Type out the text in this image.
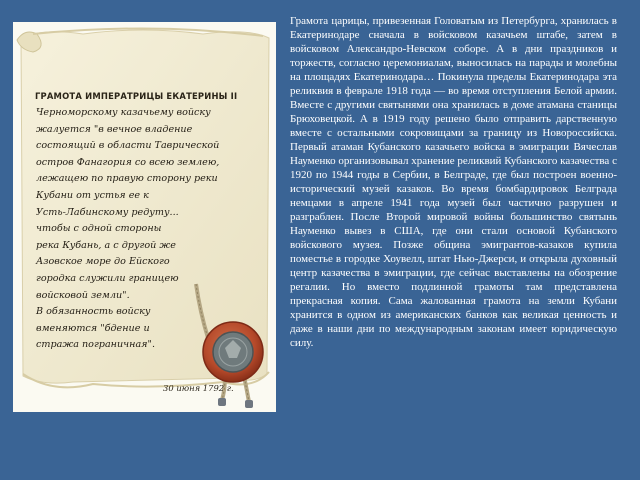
ГРАМОТА ИМПЕРАТРИЦЫ ЕКАТЕРИНЫ II
Черноморскому казачьему войску
жалуется "в вечное владение
состоящий в области Таврической
остров Фанагория со всею землею,
лежащею по правую сторону реки
Кубани от устья ее к
Усть-Лабинскому редуту...
чтобы с одной стороны
река Кубань, а с другой же
Азовское море до Ейского
городка служили границею
войсковой земли".
В обязанность войску
вменяются "бдение и
стража пограничная".
30 июня 1792 г.

Грамота царицы, привезенная Головатым из Петербурга, хранилась в Екатеринодаре сначала в войсковом казачьем штабе, затем в войсковом Александро-Невском соборе. А в дни праздников и торжеств, согласно церемониалам, выносилась на парады и молебны на площадях Екатеринодара… Покинула пределы Екатеринодара эта реликвия в феврале 1918 года — во время отступления Белой армии. Вместе с другими святынями она хранилась в доме атамана станицы Брюховецкой. А в 1919 году решено было отправить дарственную вместе с остальными сокровищами за границу из Новороссийска. Первый атаман Кубанского казачьего войска в эмиграции Вячеслав Науменко организовывал хранение реликвий Кубанского казачества с 1920 по 1944 годы в Сербии, в Белграде, где был построен военно-исторический музей казаков. Во время бомбардировок Белграда немцами в апреле 1941 года музей был частично разрушен и разграблен. После Второй мировой войны большинство святынь Науменко вывез в США, где они стали основой Кубанского войскового музея. Позже община эмигрантов-казаков купила поместье в городке Хоувелл, штат Нью-Джерси, и открыла духовный центр казачества в эмиграции, где сейчас выставлены на обозрение регалии. Но вместо подлинной грамоты там представлена прекрасная копия. Сама жалованная грамота на земли Кубани хранится в одном из американских банков как великая ценность и даже в наши дни по международным законам имеет юридическую силу.
